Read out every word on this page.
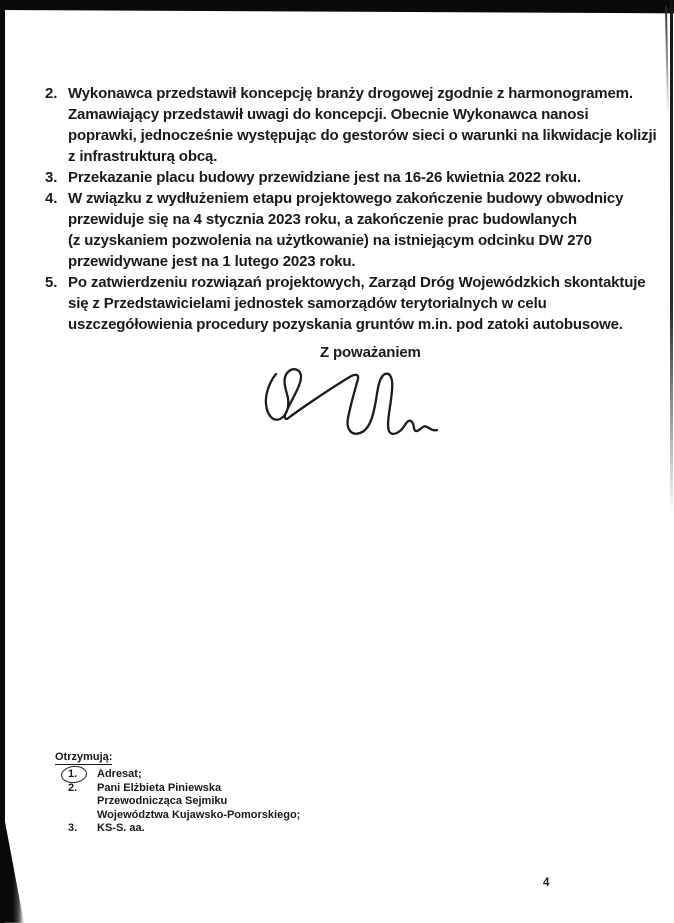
2. Wykonawca przedstawił koncepcję branży drogowej zgodnie z harmonogramem.
Zamawiający przedstawił uwagi do koncepcji. Obecnie Wykonawca nanosi
poprawki, jednocześnie występując do gestorów sieci o warunki na likwidacje kolizji
z infrastrukturą obcą.
3. Przekazanie placu budowy przewidziane jest na 16-26 kwietnia 2022 roku.
4. W związku z wydłużeniem etapu projektowego zakończenie budowy obwodnicy
przewiduje się na 4 stycznia 2023 roku, a zakończenie prac budowlanych
(z uzyskaniem pozwolenia na użytkowanie) na istniejącym odcinku DW 270
przewidywane jest na 1 lutego 2023 roku.
5. Po zatwierdzeniu rozwiązań projektowych, Zarząd Dróg Wojewódzkich skontaktuje
się z Przedstawicielami jednostek samorządów terytorialnych w celu
uszczegółowienia procedury pozyskania gruntów m.in. pod zatoki autobusowe.
Z poważaniem
Otrzymują:
1.	Adresat;
2.	Pani Elżbieta Piniewska
Przewodnicząca Sejmiku
Województwa Kujawsko-Pomorskiego;
3.	KS-S. aa.
4
